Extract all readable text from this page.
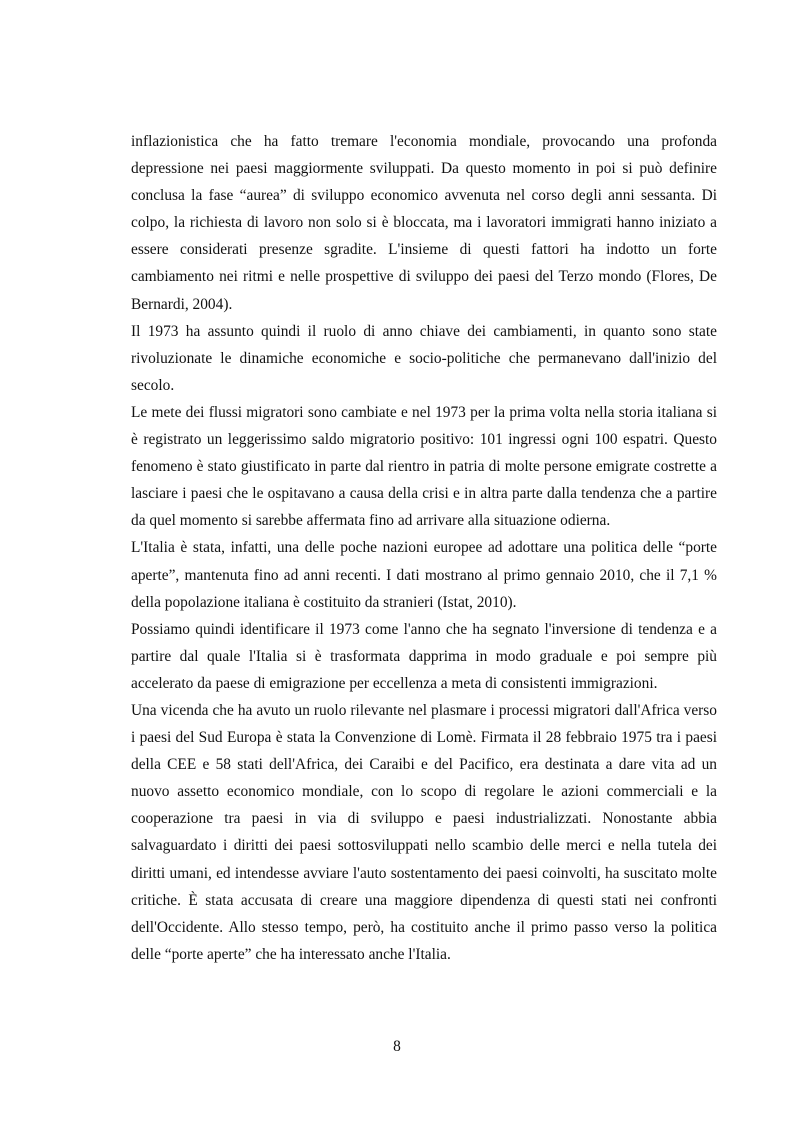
inflazionistica che ha fatto tremare l'economia mondiale, provocando una profonda depressione nei paesi maggiormente sviluppati. Da questo momento in poi si può definire conclusa la fase “aurea” di sviluppo economico avvenuta nel corso degli anni sessanta. Di colpo, la richiesta di lavoro non solo si è bloccata, ma i lavoratori immigrati hanno iniziato a essere considerati presenze sgradite. L'insieme di questi fattori ha indotto un forte cambiamento nei ritmi e nelle prospettive di sviluppo dei paesi del Terzo mondo (Flores, De Bernardi, 2004).

Il 1973 ha assunto quindi il ruolo di anno chiave dei cambiamenti, in quanto sono state rivoluzionate le dinamiche economiche e socio-politiche che permanevano dall'inizio del secolo.

Le mete dei flussi migratori sono cambiate e nel 1973 per la prima volta nella storia italiana si è registrato un leggerissimo saldo migratorio positivo: 101 ingressi ogni 100 espatri. Questo fenomeno è stato giustificato in parte dal rientro in patria di molte persone emigrate costrette a lasciare i paesi che le ospitavano a causa della crisi e in altra parte dalla tendenza che a partire da quel momento si sarebbe affermata fino ad arrivare alla situazione odierna.

L'Italia è stata, infatti, una delle poche nazioni europee ad adottare una politica delle “porte aperte”, mantenuta fino ad anni recenti. I dati mostrano al primo gennaio 2010, che il 7,1 % della popolazione italiana è costituito da stranieri (Istat, 2010).

Possiamo quindi identificare il 1973 come l'anno che ha segnato l'inversione di tendenza e a partire dal quale l'Italia si è trasformata dapprima in modo graduale e poi sempre più accelerato da paese di emigrazione per eccellenza a meta di consistenti immigrazioni.

Una vicenda che ha avuto un ruolo rilevante nel plasmare i processi migratori dall'Africa verso i paesi del Sud Europa è stata la Convenzione di Lomè. Firmata il 28 febbraio 1975 tra i paesi della CEE e 58 stati dell'Africa, dei Caraibi e del Pacifico, era destinata a dare vita ad un nuovo assetto economico mondiale, con lo scopo di regolare le azioni commerciali e la cooperazione tra paesi in via di sviluppo e paesi industrializzati. Nonostante abbia salvaguardato i diritti dei paesi sottosviluppati nello scambio delle merci e nella tutela dei diritti umani, ed intendesse avviare l'auto sostentamento dei paesi coinvolti, ha suscitato molte critiche. È stata accusata di creare una maggiore dipendenza di questi stati nei confronti dell'Occidente. Allo stesso tempo, però, ha costituito anche il primo passo verso la politica delle “porte aperte” che ha interessato anche l'Italia.

8
